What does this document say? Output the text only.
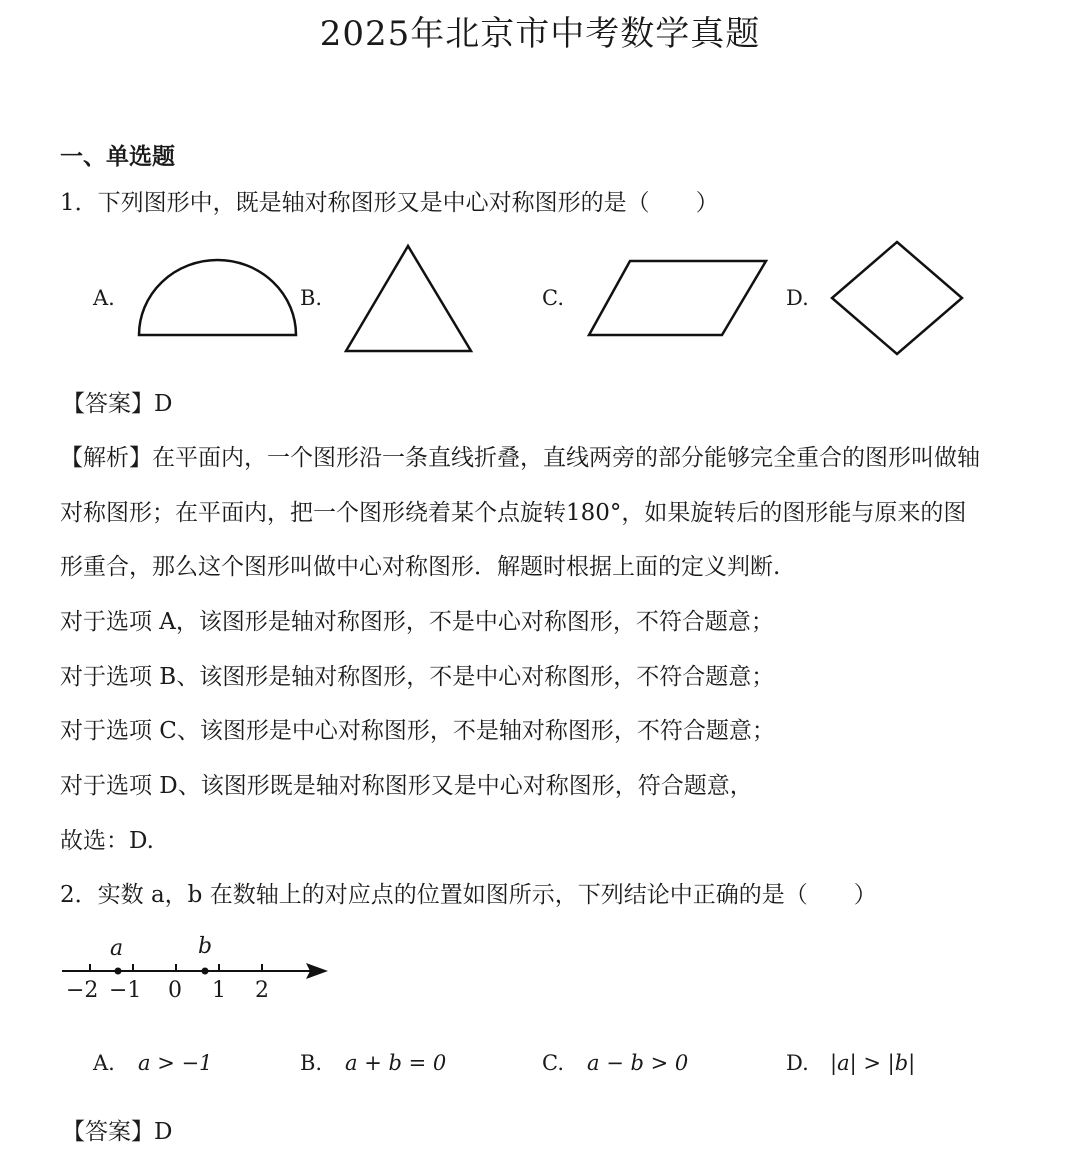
2025年北京市中考数学真题
一、单选题
1．下列图形中，既是轴对称图形又是中心对称图形的是（　　）
A.	B.	C.	D.
【答案】D
【解析】在平面内，一个图形沿一条直线折叠，直线两旁的部分能够完全重合的图形叫做轴
对称图形；在平面内，把一个图形绕着某个点旋转180°，如果旋转后的图形能与原来的图
形重合，那么这个图形叫做中心对称图形．解题时根据上面的定义判断.
对于选项 A，该图形是轴对称图形，不是中心对称图形，不符合题意；
对于选项 B、该图形是轴对称图形，不是中心对称图形，不符合题意；
对于选项 C、该图形是中心对称图形，不是轴对称图形，不符合题意；
对于选项 D、该图形既是轴对称图形又是中心对称图形，符合题意，
故选：D.
2．实数 a，b 在数轴上的对应点的位置如图所示，下列结论中正确的是（　　）
a	b
−2 −1 0 1 2
A. a > −1	B. a + b = 0	C. a − b > 0	D. |a| > |b|
【答案】D
